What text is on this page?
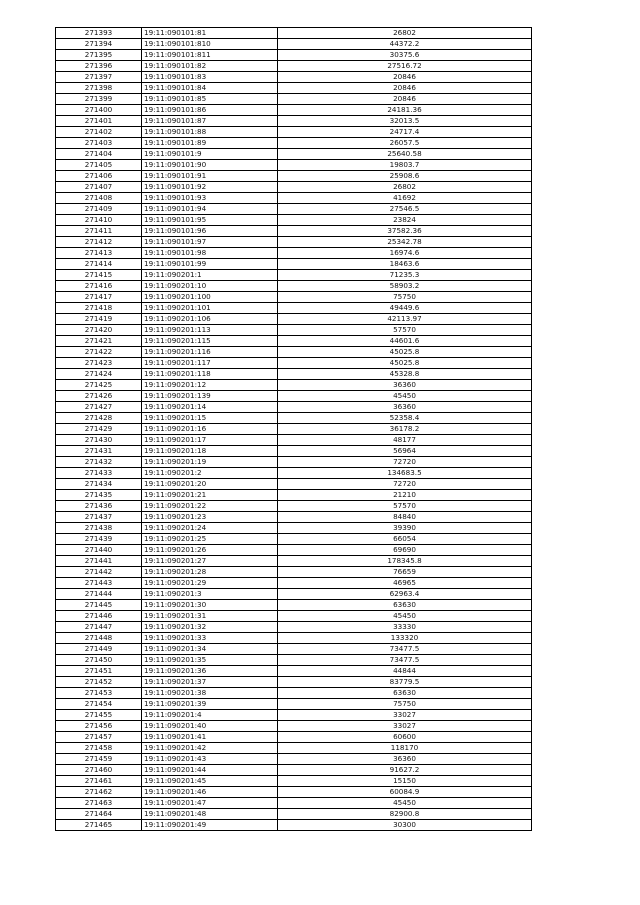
271393	19:11:090101:81	26802
271394	19:11:090101:810	44372.2
271395	19:11:090101:811	30375.6
271396	19:11:090101:82	27516.72
271397	19:11:090101:83	20846
271398	19:11:090101:84	20846
271399	19:11:090101:85	20846
271400	19:11:090101:86	24181.36
271401	19:11:090101:87	32013.5
271402	19:11:090101:88	24717.4
271403	19:11:090101:89	26057.5
271404	19:11:090101:9	25640.58
271405	19:11:090101:90	19803.7
271406	19:11:090101:91	25908.6
271407	19:11:090101:92	26802
271408	19:11:090101:93	41692
271409	19:11:090101:94	27546.5
271410	19:11:090101:95	23824
271411	19:11:090101:96	37582.36
271412	19:11:090101:97	25342.78
271413	19:11:090101:98	16974.6
271414	19:11:090101:99	18463.6
271415	19:11:090201:1	71235.3
271416	19:11:090201:10	58903.2
271417	19:11:090201:100	75750
271418	19:11:090201:101	49449.6
271419	19:11:090201:106	42113.97
271420	19:11:090201:113	57570
271421	19:11:090201:115	44601.6
271422	19:11:090201:116	45025.8
271423	19:11:090201:117	45025.8
271424	19:11:090201:118	45328.8
271425	19:11:090201:12	36360
271426	19:11:090201:139	45450
271427	19:11:090201:14	36360
271428	19:11:090201:15	52358.4
271429	19:11:090201:16	36178.2
271430	19:11:090201:17	48177
271431	19:11:090201:18	56964
271432	19:11:090201:19	72720
271433	19:11:090201:2	134683.5
271434	19:11:090201:20	72720
271435	19:11:090201:21	21210
271436	19:11:090201:22	57570
271437	19:11:090201:23	84840
271438	19:11:090201:24	39390
271439	19:11:090201:25	66054
271440	19:11:090201:26	69690
271441	19:11:090201:27	178345.8
271442	19:11:090201:28	76659
271443	19:11:090201:29	46965
271444	19:11:090201:3	62963.4
271445	19:11:090201:30	63630
271446	19:11:090201:31	45450
271447	19:11:090201:32	33330
271448	19:11:090201:33	133320
271449	19:11:090201:34	73477.5
271450	19:11:090201:35	73477.5
271451	19:11:090201:36	44844
271452	19:11:090201:37	83779.5
271453	19:11:090201:38	63630
271454	19:11:090201:39	75750
271455	19:11:090201:4	33027
271456	19:11:090201:40	33027
271457	19:11:090201:41	60600
271458	19:11:090201:42	118170
271459	19:11:090201:43	36360
271460	19:11:090201:44	91627.2
271461	19:11:090201:45	15150
271462	19:11:090201:46	60084.9
271463	19:11:090201:47	45450
271464	19:11:090201:48	82900.8
271465	19:11:090201:49	30300
